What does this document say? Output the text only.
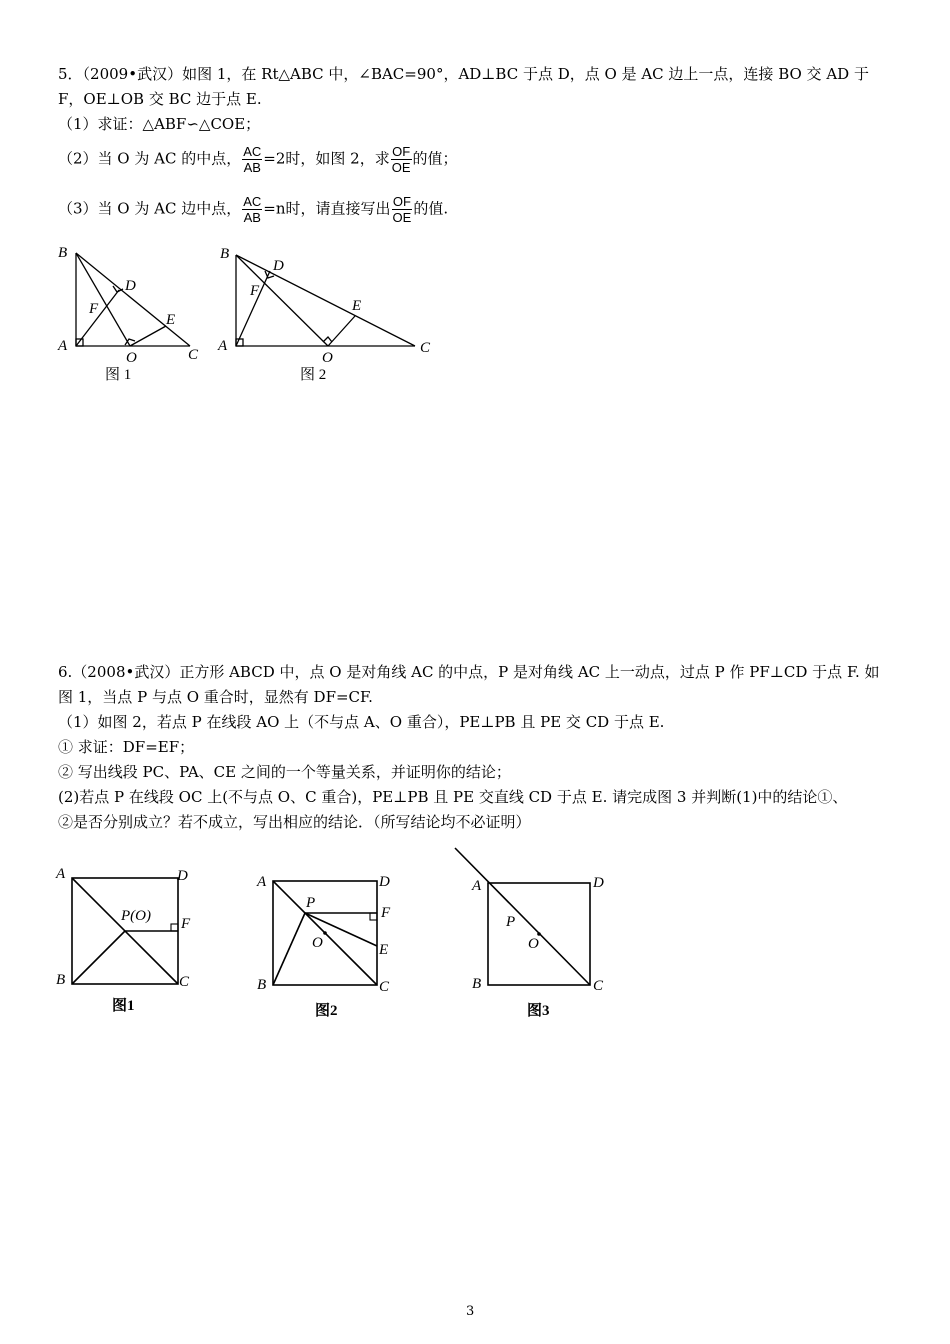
5．（2009•武汉）如图 1，在 Rt△ABC 中，∠BAC=90°，AD⊥BC 于点 D，点 O 是 AC 边上一点，连接 BO 交 AD 于
F，OE⊥OB 交 BC 边于点 E.
（1）求证：△ABF∽△COE；
（2）当 O 为 AC 的中点， $\frac{AC}{AB} =2$时，如图 2，求 $\frac{OF}{OE}$ 的值；
（3）当 O 为 AC 边中点， $\frac{AC}{AB} =n$时，请直接写出 $\frac{OF}{OE}$ 的值.
B
A
C
D
E
F
O
图 1
B
A	C
D
E
F
O
图 2
6.（2008•武汉）正方形 ABCD 中，点 O 是对角线 AC 的中点，P 是对角线 AC 上一动点，过点 P 作 PF⊥CD 于点 F. 如
图 1，当点 P 与点 O 重合时，显然有 DF=CF.
（1）如图 2，若点 P 在线段 AO 上（不与点 A、O 重合），PE⊥PB 且 PE 交 CD 于点 E.
① 求证：DF=EF；
② 写出线段 PC、PA、CE 之间的一个等量关系，并证明你的结论；
(2)若点 P 在线段 OC 上(不与点 O、C 重合)，PE⊥PB 且 PE 交直线 CD 于点 E. 请完成图 3 并判断(1)中的结论①、
②是否分别成立？若不成立，写出相应的结论．（所写结论均不必证明）
A	D
B	C
F
P(O)
图1
A	D
B	C
F
E
P
O
图2
A	D
B	C
P
O
图3
3
